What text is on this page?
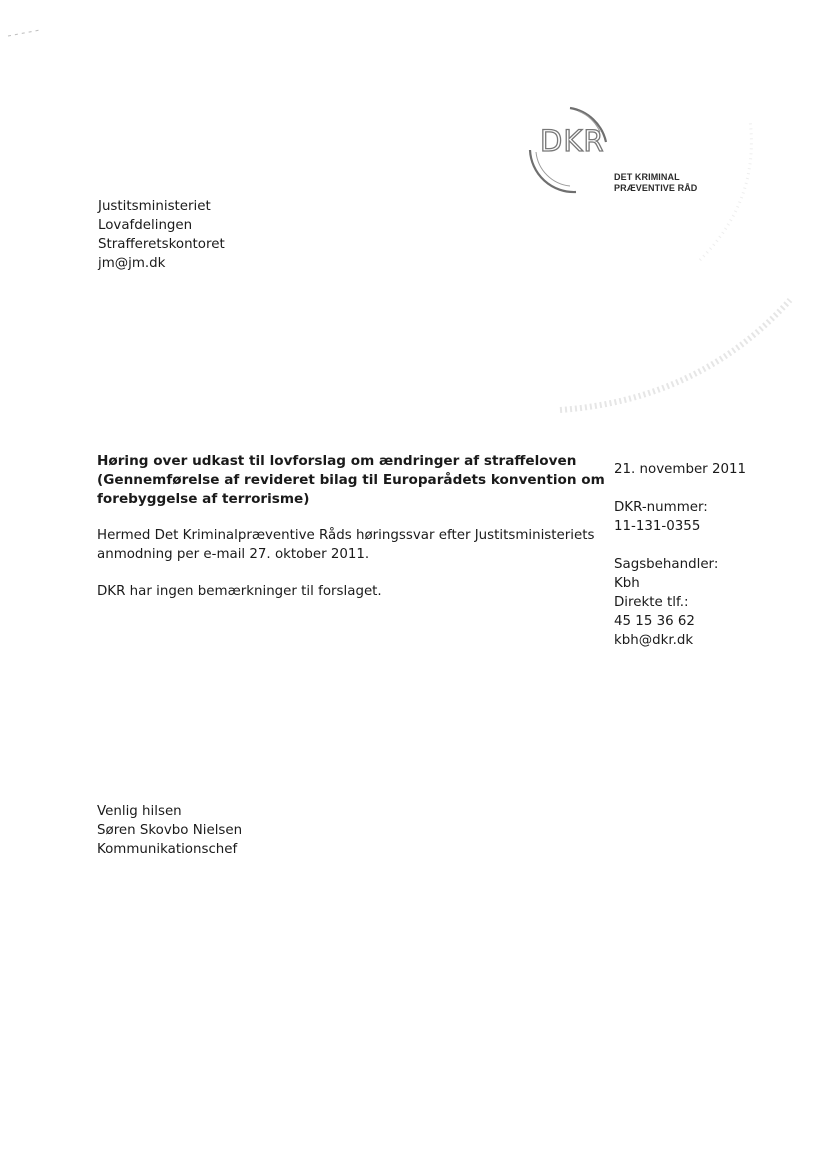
DKR
DET KRIMINAL
PRÆVENTIVE RÅD
Justitsministeriet
Lovafdelingen
Strafferetskontoret
jm@jm.dk
Høring over udkast til lovforslag om ændringer af straffeloven
(Gennemførelse af revideret bilag til Europarådets konvention om
forebyggelse af terrorisme)
Hermed Det Kriminalpræventive Råds høringssvar efter Justitsministeriets
anmodning per e-mail 27. oktober 2011.
DKR har ingen bemærkninger til forslaget.
21. november 2011
DKR-nummer:
11-131-0355
Sagsbehandler:
Kbh
Direkte tlf.:
45 15 36 62
kbh@dkr.dk
Venlig hilsen
Søren Skovbo Nielsen
Kommunikationschef
